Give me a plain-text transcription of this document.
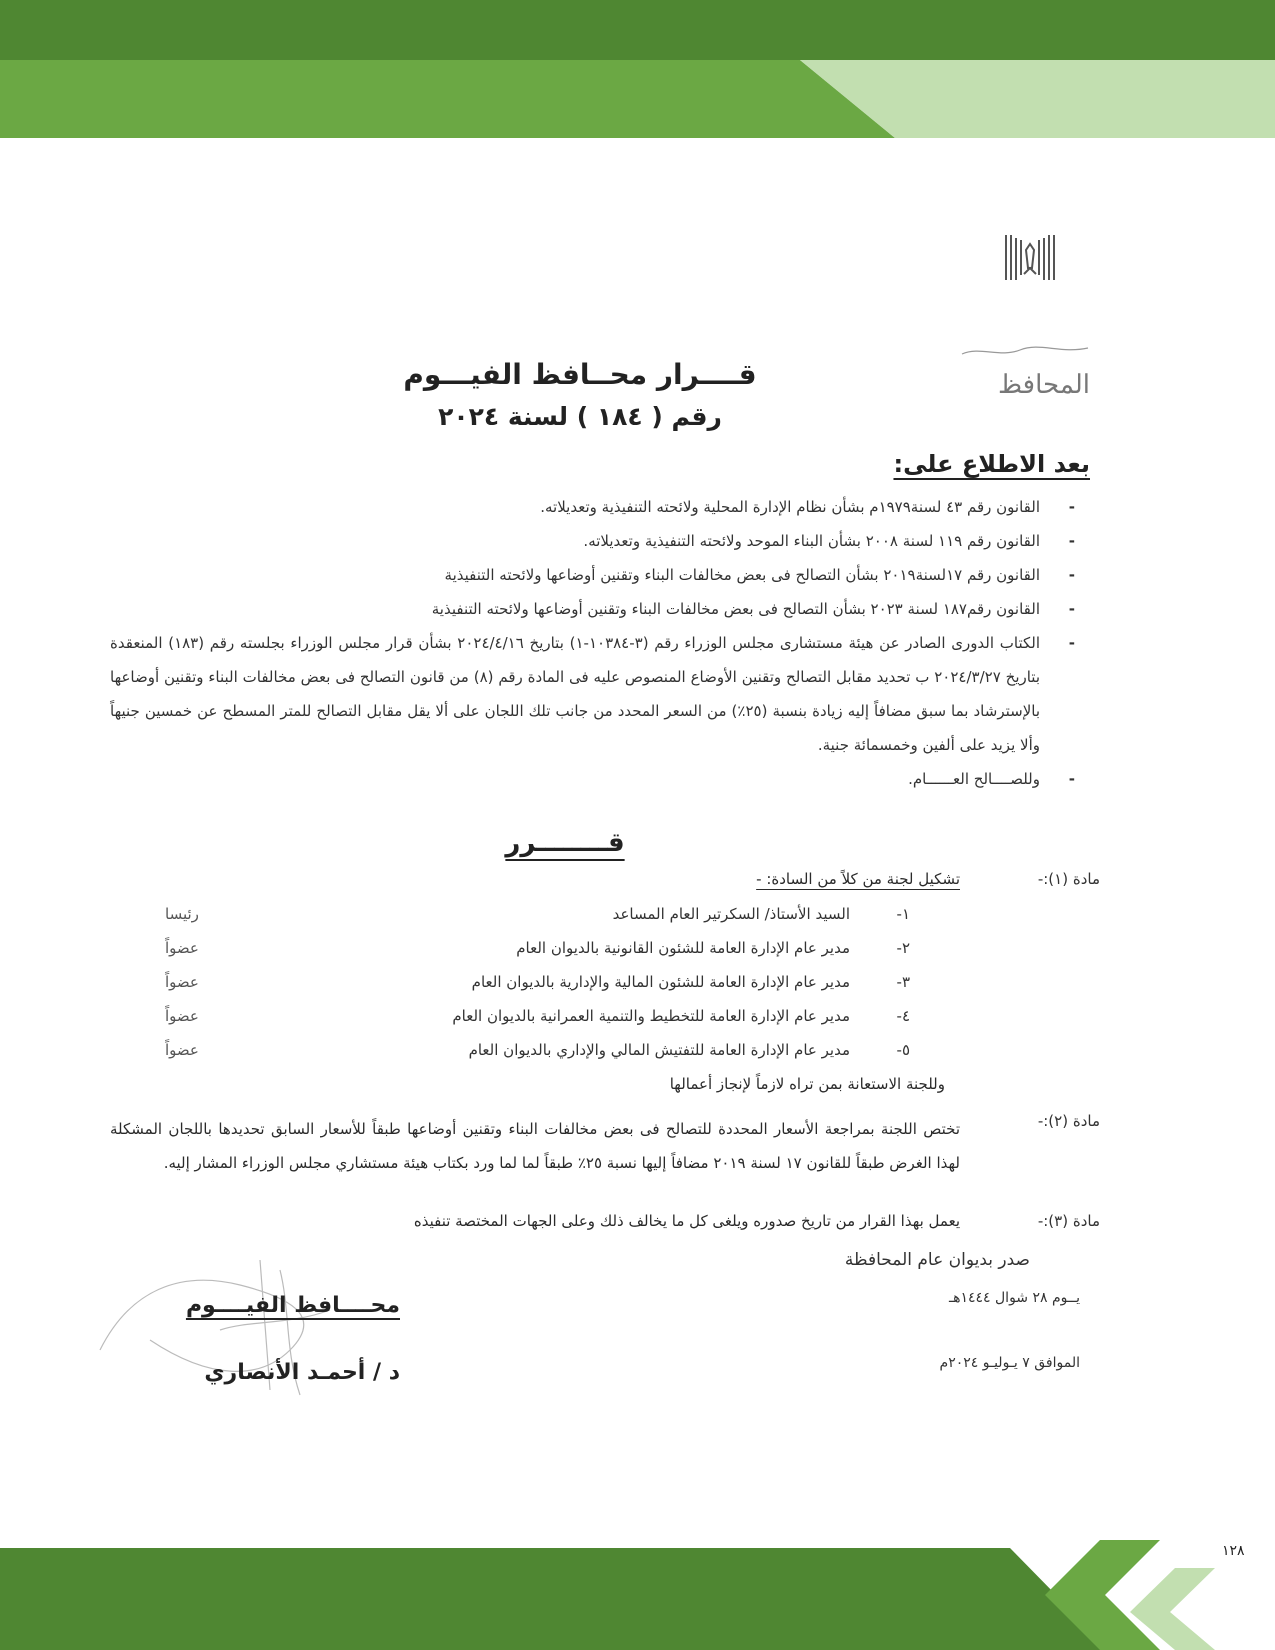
المحافظ
قــــرار محــافظ الفيـــوم
رقم ( ١٨٤ ) لسنة ٢٠٢٤
بعد الاطلاع على:
- القانون رقم ٤٣ لسنة١٩٧٩م بشأن نظام الإدارة المحلية ولائحته التنفيذية وتعديلاته.
- القانون رقم ١١٩ لسنة ٢٠٠٨ بشأن البناء الموحد ولائحته التنفيذية وتعديلاته.
- القانون رقم ١٧لسنة٢٠١٩ بشأن التصالح فى بعض مخالفات البناء وتقنين أوضاعها ولائحته التنفيذية
- القانون رقم١٨٧ لسنة ٢٠٢٣ بشأن التصالح فى بعض مخالفات البناء وتقنين أوضاعها ولائحته التنفيذية
- الكتاب الدورى الصادر عن هيئة مستشارى مجلس الوزراء رقم (٣-١٠٣٨٤-١) بتاريخ ٢٠٢٤/٤/١٦ بشأن قرار مجلس الوزراء بجلسته رقم (١٨٣) المنعقدة بتاريخ ٢٠٢٤/٣/٢٧ ب تحديد مقابل التصالح وتقنين الأوضاع المنصوص عليه فى المادة رقم (٨) من قانون التصالح فى بعض مخالفات البناء وتقنين أوضاعها بالإسترشاد بما سبق مضافاً إليه زيادة بنسبة (٢٥٪) من السعر المحدد من جانب تلك اللجان على ألا يقل مقابل التصالح للمتر المسطح عن خمسين جنيهاً وألا يزيد على ألفين وخمسمائة جنية.
- وللصــــالح العــــــام.
قــــــــرر
مادة (١):-
تشكيل لجنة من كلاً من السادة: -
١-
السيد الأستاذ/ السكرتير العام المساعد
رئيسا
٢-
مدير عام الإدارة العامة للشئون القانونية بالديوان العام
عضواً
٣-
مدير عام الإدارة العامة للشئون المالية والإدارية بالديوان العام
عضواً
٤-
مدير عام الإدارة العامة للتخطيط والتنمية العمرانية بالديوان العام
عضواً
٥-
مدير عام الإدارة العامة للتفتيش المالي والإداري بالديوان العام
عضواً
وللجنة الاستعانة بمن تراه لازماً لإنجاز أعمالها
مادة (٢):-
تختص اللجنة بمراجعة الأسعار المحددة للتصالح فى بعض مخالفات البناء وتقنين أوضاعها طبقاً للأسعار السابق تحديدها باللجان المشكلة لهذا الغرض طبقاً للقانون ١٧ لسنة ٢٠١٩ مضافاً إليها نسبة ٢٥٪ طبقاً لما لما ورد بكتاب هيئة مستشاري مجلس الوزراء المشار إليه.
مادة (٣):-
يعمل بهذا القرار من تاريخ صدوره ويلغى كل ما يخالف ذلك وعلى الجهات المختصة تنفيذه
صدر بديوان عام المحافظة
يــوم ٢٨ شوال ١٤٤٤هـ
الموافق ٧ يـوليـو ٢٠٢٤م
محــــافظ الفيــــوم
د / أحمـد الأنصاري
١٢٨
